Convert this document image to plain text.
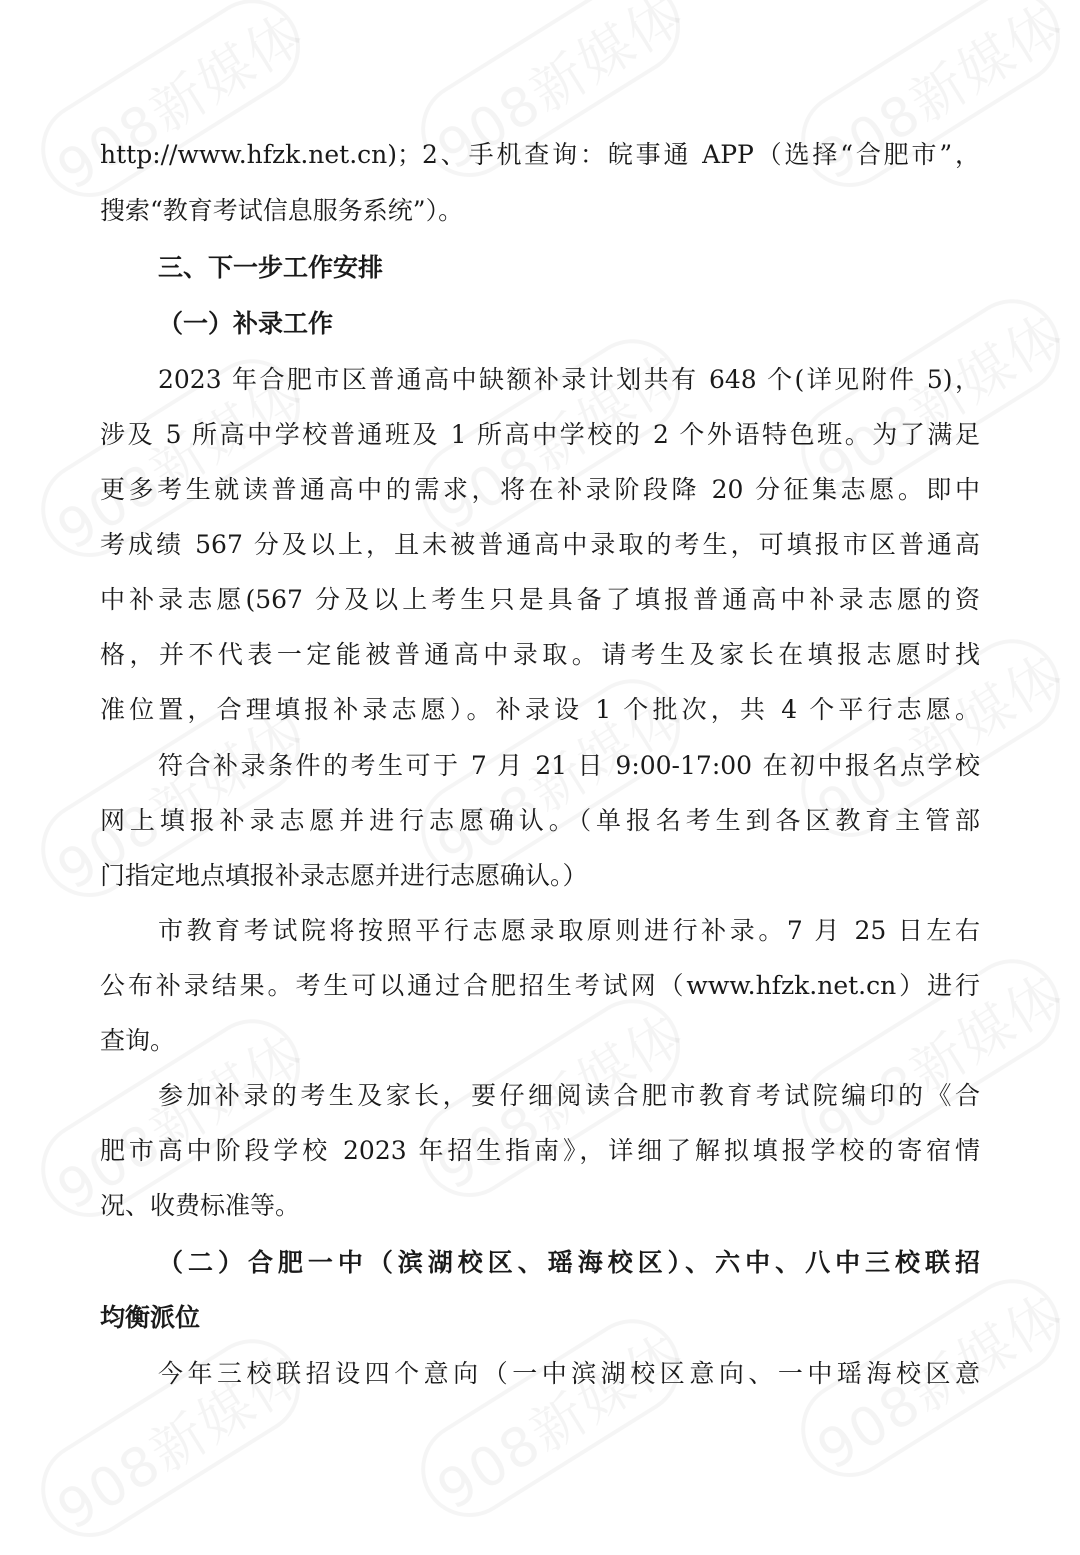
http://www.hfzk.net.cn)；2、手机查询：皖事通 APP（选择“合肥市”，
搜索“教育考试信息服务系统”）。
三、下一步工作安排
（一）补录工作
2023 年合肥市区普通高中缺额补录计划共有 648 个(详见附件 5)，
涉及 5 所高中学校普通班及 1 所高中学校的 2 个外语特色班。为了满足
更多考生就读普通高中的需求，将在补录阶段降 20 分征集志愿。即中
考成绩 567 分及以上，且未被普通高中录取的考生，可填报市区普通高
中补录志愿(567 分及以上考生只是具备了填报普通高中补录志愿的资
格，并不代表一定能被普通高中录取。请考生及家长在填报志愿时找
准位置，合理填报补录志愿）。补录设 1 个批次，共 4 个平行志愿。
符合补录条件的考生可于 7 月 21 日 9:00-17:00 在初中报名点学校
网上填报补录志愿并进行志愿确认。（单报名考生到各区教育主管部
门指定地点填报补录志愿并进行志愿确认。）
市教育考试院将按照平行志愿录取原则进行补录。7 月 25 日左右
公布补录结果。考生可以通过合肥招生考试网（www.hfzk.net.cn）进行
查询。
参加补录的考生及家长，要仔细阅读合肥市教育考试院编印的《合
肥市高中阶段学校 2023 年招生指南》，详细了解拟填报学校的寄宿情
况、收费标准等。
（二）合肥一中（滨湖校区、瑶海校区）、六中、八中三校联招
均衡派位
今年三校联招设四个意向（一中滨湖校区意向、一中瑶海校区意
